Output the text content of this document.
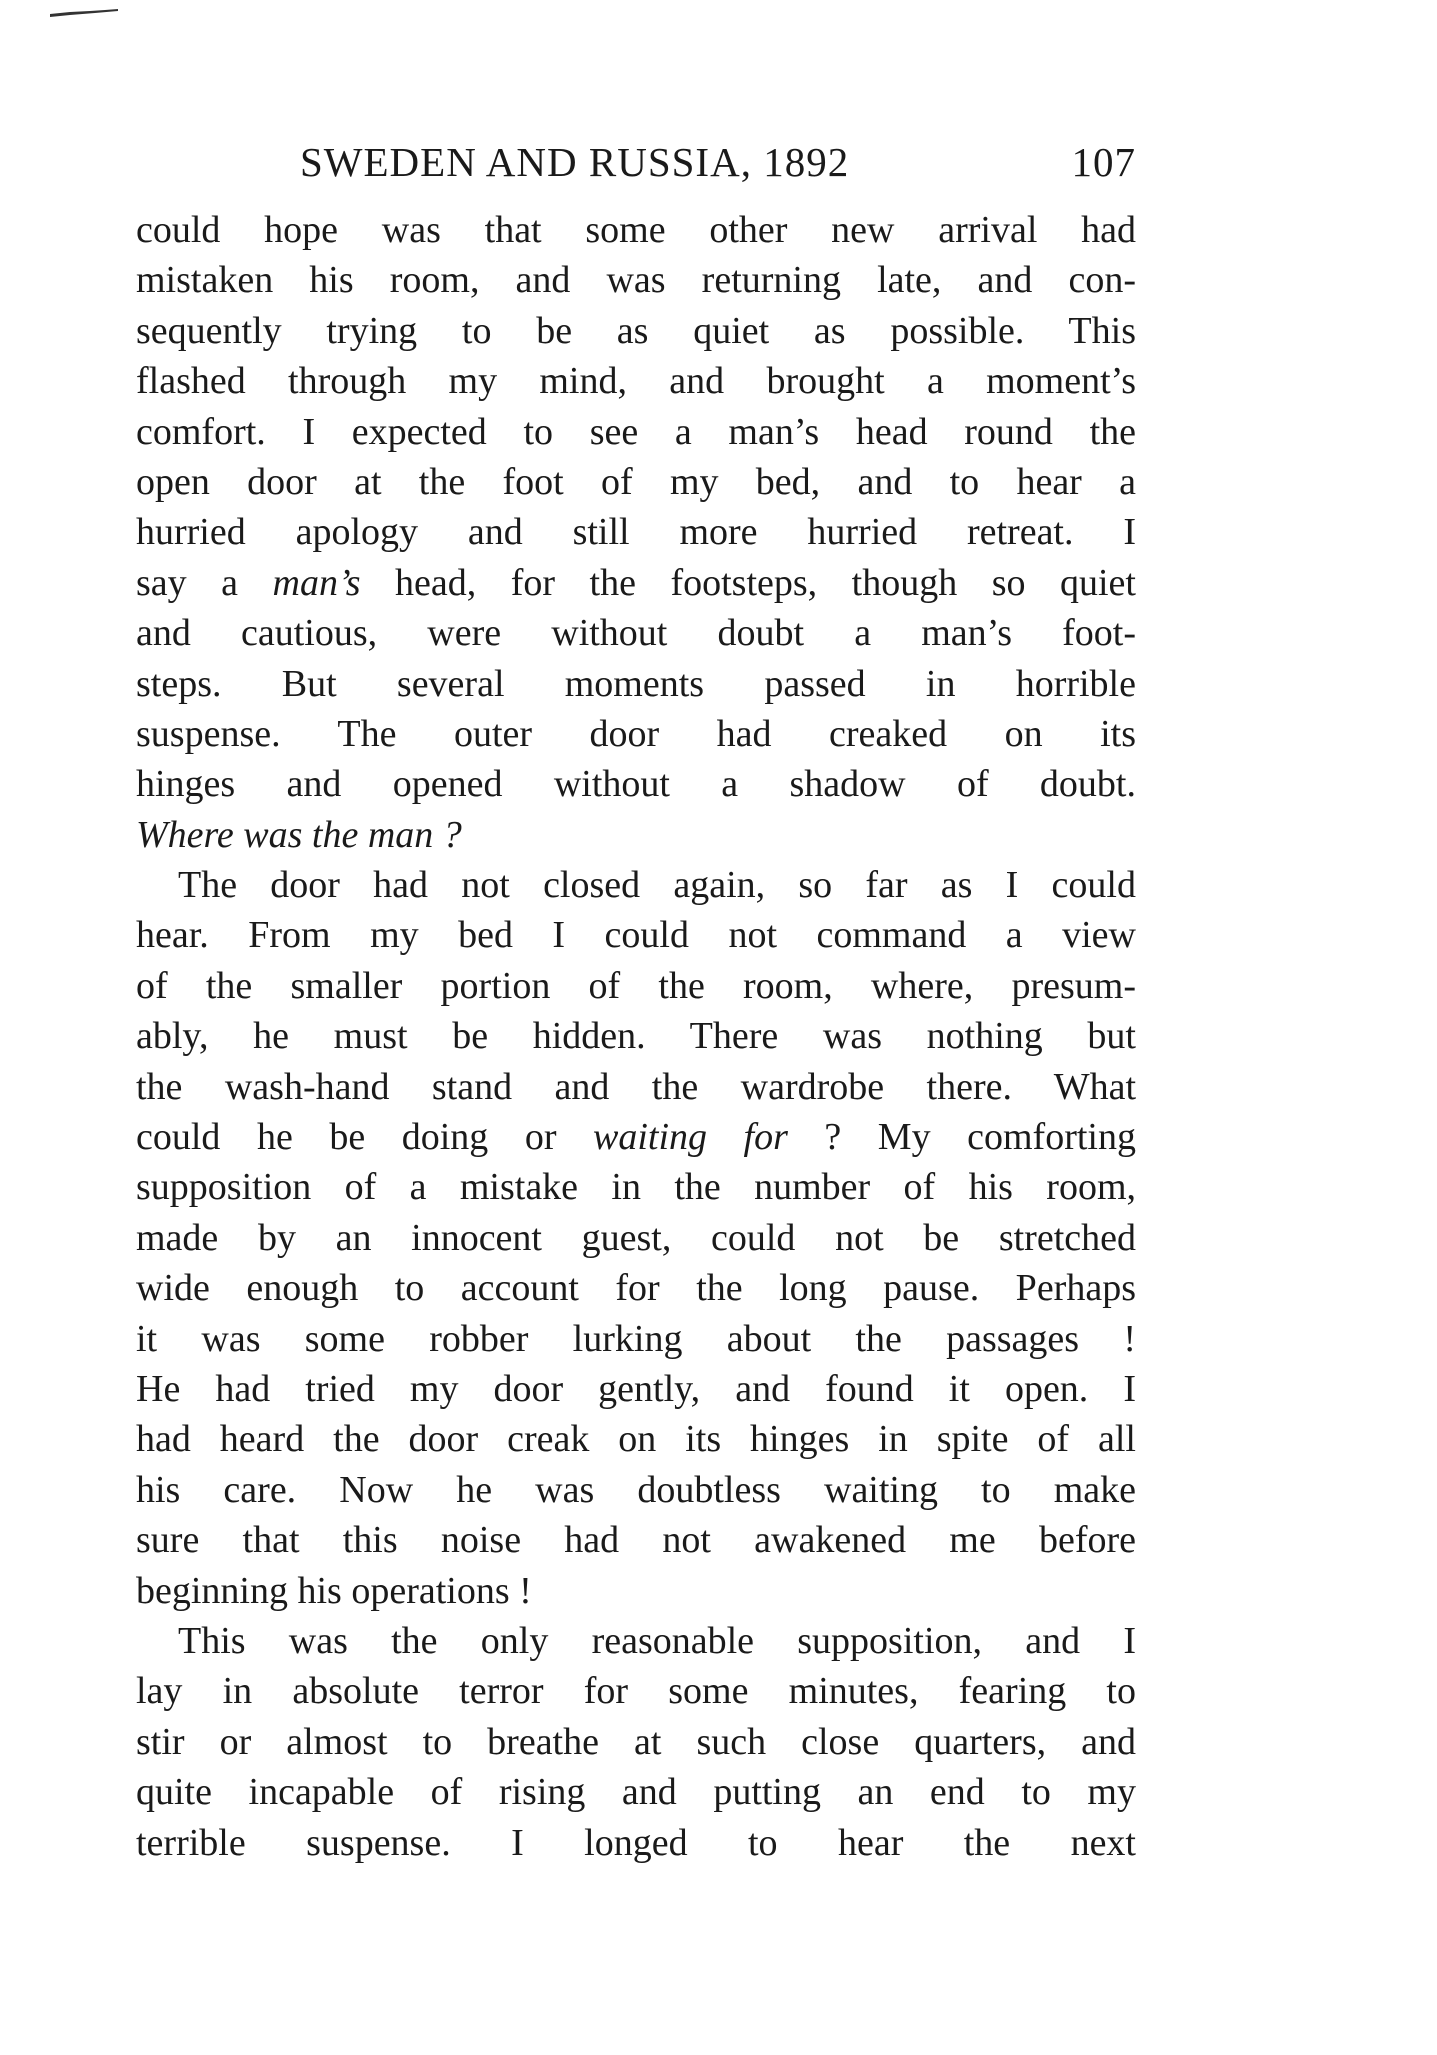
SWEDEN AND RUSSIA, 1892	107
could hope was that some other new arrival had
mistaken his room, and was returning late, and con-
sequently trying to be as quiet as possible. This
flashed through my mind, and brought a moment’s
comfort. I expected to see a man’s head round the
open door at the foot of my bed, and to hear a
hurried apology and still more hurried retreat. I
say a man’s head, for the footsteps, though so quiet
and cautious, were without doubt a man’s foot-
steps. But several moments passed in horrible
suspense. The outer door had creaked on its
hinges and opened without a shadow of doubt.
Where was the man ?
The door had not closed again, so far as I could
hear. From my bed I could not command a view
of the smaller portion of the room, where, presum-
ably, he must be hidden. There was nothing but
the wash-hand stand and the wardrobe there. What
could he be doing or waiting for ? My comforting
supposition of a mistake in the number of his room,
made by an innocent guest, could not be stretched
wide enough to account for the long pause. Perhaps
it was some robber lurking about the passages !
He had tried my door gently, and found it open. I
had heard the door creak on its hinges in spite of all
his care. Now he was doubtless waiting to make
sure that this noise had not awakened me before
beginning his operations !
This was the only reasonable supposition, and I
lay in absolute terror for some minutes, fearing to
stir or almost to breathe at such close quarters, and
quite incapable of rising and putting an end to my
terrible suspense. I longed to hear the next
